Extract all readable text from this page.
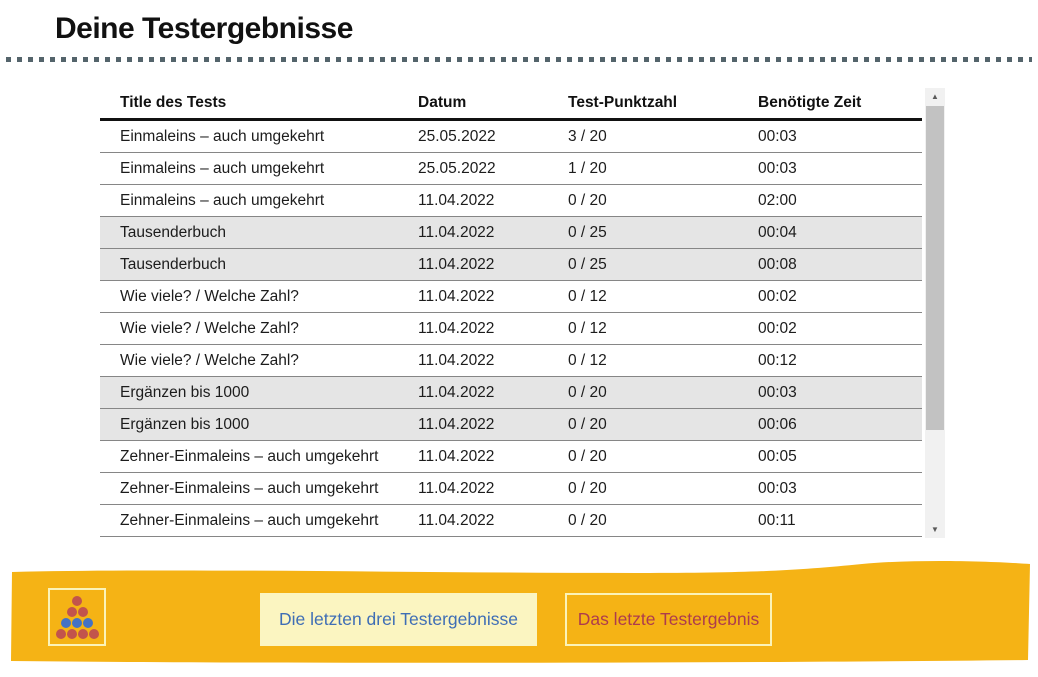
Deine Testergebnisse
Title des Tests	Datum	Test-Punktzahl	Benötigte Zeit
Einmaleins – auch umgekehrt	25.05.2022	3 / 20	00:03
Einmaleins – auch umgekehrt	25.05.2022	1 / 20	00:03
Einmaleins – auch umgekehrt	11.04.2022	0 / 20	02:00
Tausenderbuch	11.04.2022	0 / 25	00:04
Tausenderbuch	11.04.2022	0 / 25	00:08
Wie viele? / Welche Zahl?	11.04.2022	0 / 12	00:02
Wie viele? / Welche Zahl?	11.04.2022	0 / 12	00:02
Wie viele? / Welche Zahl?	11.04.2022	0 / 12	00:12
Ergänzen bis 1000	11.04.2022	0 / 20	00:03
Ergänzen bis 1000	11.04.2022	0 / 20	00:06
Zehner-Einmaleins – auch umgekehrt	11.04.2022	0 / 20	00:05
Zehner-Einmaleins – auch umgekehrt	11.04.2022	0 / 20	00:03
Zehner-Einmaleins – auch umgekehrt	11.04.2022	0 / 20	00:11
▲
▼
Die letzten drei Testergebnisse	Das letzte Testergebnis
